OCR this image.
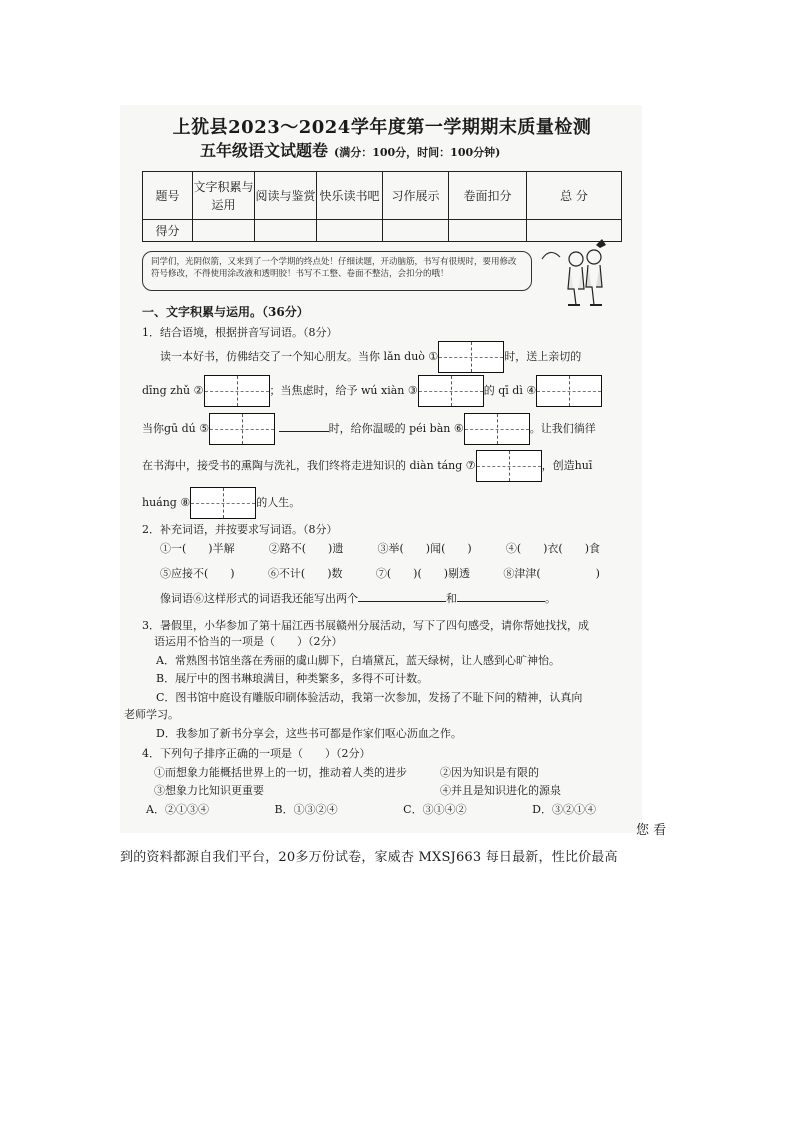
上犹县2023～2024学年度第一学期期末质量检测
五年级语文试题卷 (满分：100分，时间：100分钟)
题号	文字积累与运用	阅读与鉴赏	快乐读书吧	习作展示	卷面扣分	总 分
得分						
同学们，光阴似箭，又来到了一个学期的终点处！仔细读题，开动脑筋，书写有很规时，要用修改符号修改，不得使用涂改液和透明胶！书写不工整、卷面不整洁，会扣分的哦！
一、文字积累与运用。（36分）
1．结合语境，根据拼音写词语。（8分）
读一本好书，仿佛结交了一个知心朋友。当你 lǎn duò ①	时，送上亲切的
dīng zhǔ ②	；当焦虑时，给予 wú xiàn ③	的 qī dì ④
当你gū dú ⑤	时，给你温暖的 péi bàn ⑥	。让我们徜徉
在书海中，接受书的熏陶与洗礼，我们终将走进知识的 diàn táng ⑦	，创造huī
huáng ⑧	的人生。
2．补充词语，并按要求写词语。（8分）
①一(　　)半解	②路不(　　)遗	③举(　　)闻(　　)	④(　　)衣(　　)食
⑤应接不(　　)	⑥不计(　　)数	⑦(　　)(　　)剔透	⑧津津(　　　　　)
像词语⑥这样形式的词语我还能写出两个	和	。
3．暑假里，小华参加了第十届江西书展赣州分展活动，写下了四句感受，请你帮她找找，成
语运用不恰当的一项是（　　）（2分）
A．常熟图书馆坐落在秀丽的虞山脚下，白墙黛瓦，蓝天绿树，让人感到心旷神怡。
B．展厅中的图书琳琅满目，种类繁多，多得不可计数。
C．图书馆中庭设有雕版印刷体验活动，我第一次参加，发扬了不耻下问的精神，认真向
老师学习。
D．我参加了新书分享会，这些书可都是作家们呕心沥血之作。
4．下列句子排序正确的一项是（　　）（2分）
①而想象力能概括世界上的一切，推动着人类的进步	②因为知识是有限的
③想象力比知识更重要	④并且是知识进化的源泉
A．②①③④	B．①③②④	C．③①④②	D．③②①④
您 看
到的资料都源自我们平台，20多万份试卷，家威杏 MXSJ663 每日最新，性比价最高
